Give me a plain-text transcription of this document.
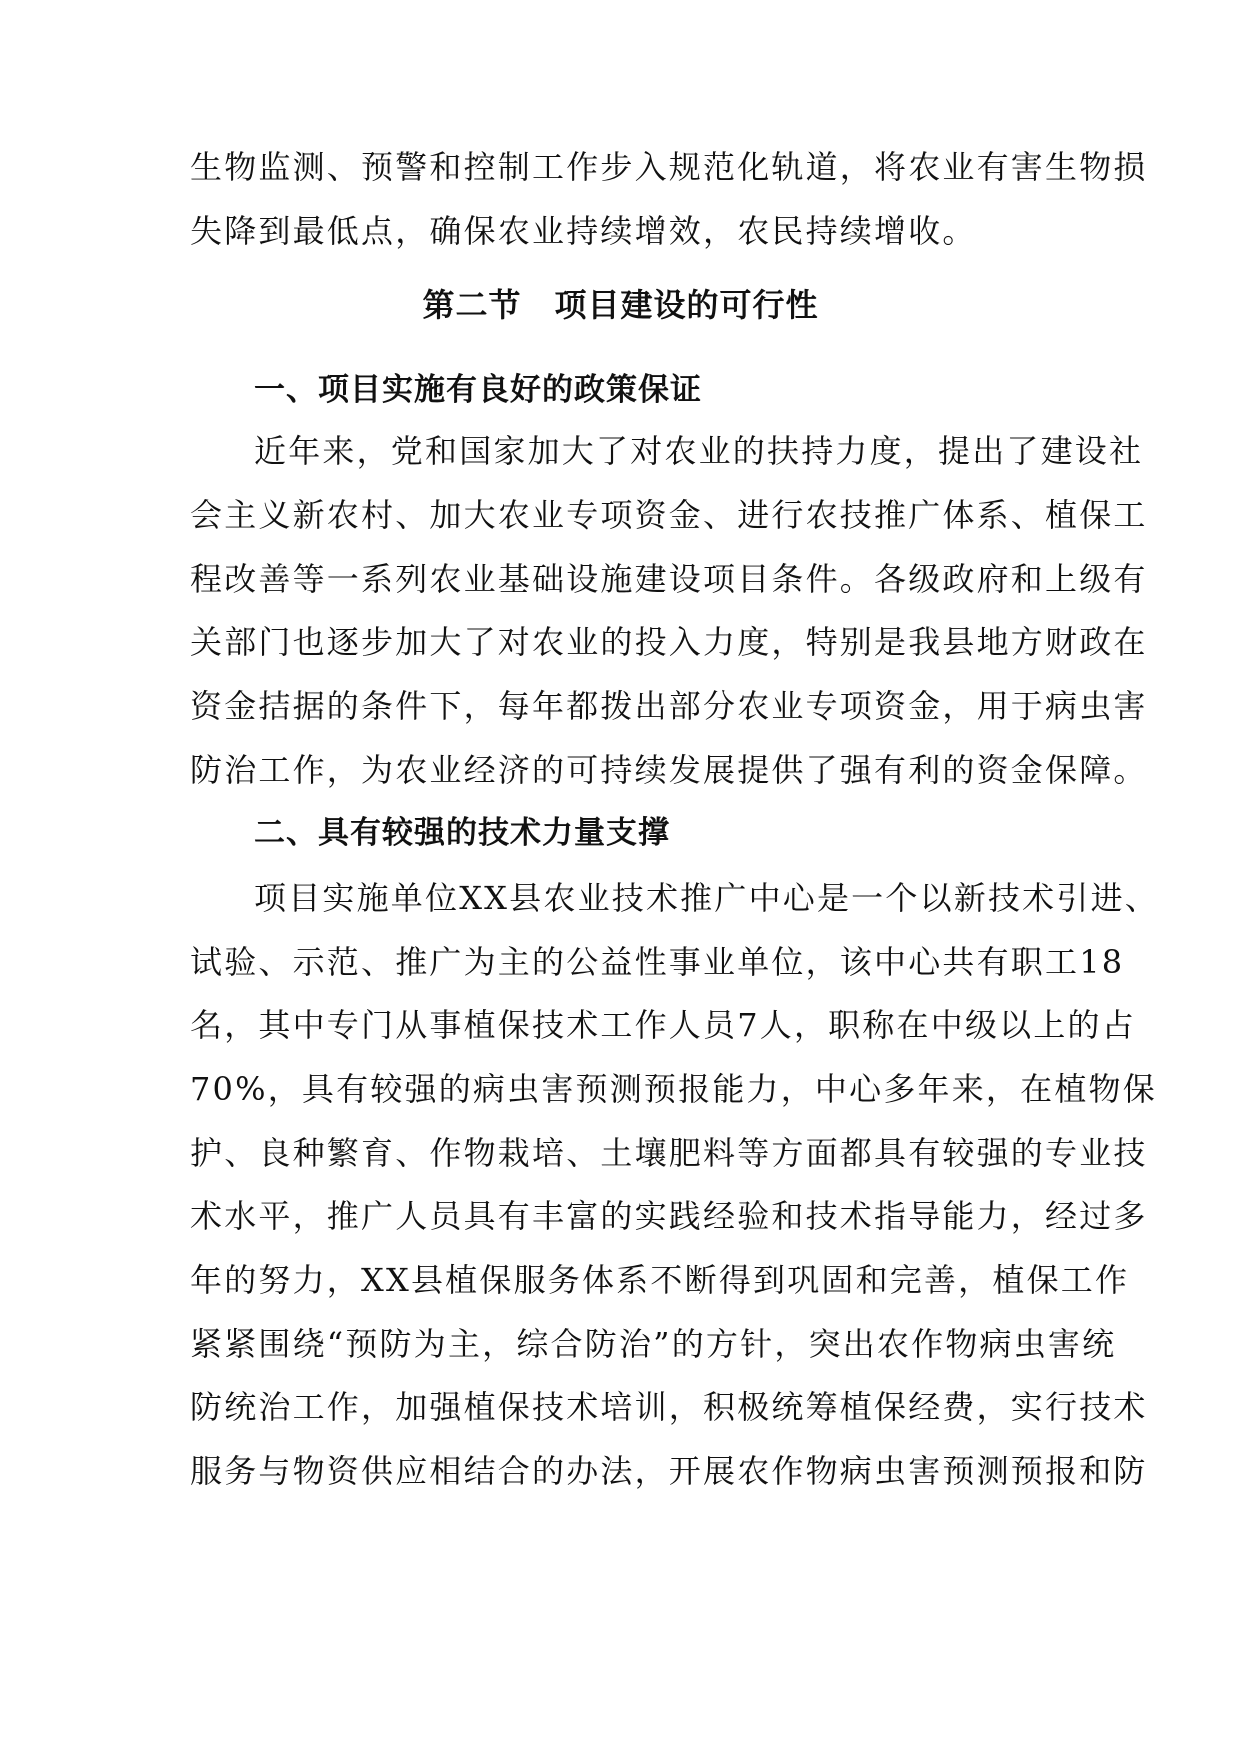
生物监测、预警和控制工作步入规范化轨道，将农业有害生物损
失降到最低点，确保农业持续增效，农民持续增收。
第二节　项目建设的可行性
一、项目实施有良好的政策保证
近年来，党和国家加大了对农业的扶持力度，提出了建设社
会主义新农村、加大农业专项资金、进行农技推广体系、植保工
程改善等一系列农业基础设施建设项目条件。各级政府和上级有
关部门也逐步加大了对农业的投入力度，特别是我县地方财政在
资金拮据的条件下，每年都拨出部分农业专项资金，用于病虫害
防治工作，为农业经济的可持续发展提供了强有利的资金保障。
二、具有较强的技术力量支撑
项目实施单位XX县农业技术推广中心是一个以新技术引进、
试验、示范、推广为主的公益性事业单位，该中心共有职工18
名，其中专门从事植保技术工作人员7人，职称在中级以上的占
70%，具有较强的病虫害预测预报能力，中心多年来，在植物保
护、良种繁育、作物栽培、土壤肥料等方面都具有较强的专业技
术水平，推广人员具有丰富的实践经验和技术指导能力，经过多
年的努力，XX县植保服务体系不断得到巩固和完善，植保工作
紧紧围绕“预防为主，综合防治”的方针，突出农作物病虫害统
防统治工作，加强植保技术培训，积极统筹植保经费，实行技术
服务与物资供应相结合的办法，开展农作物病虫害预测预报和防
